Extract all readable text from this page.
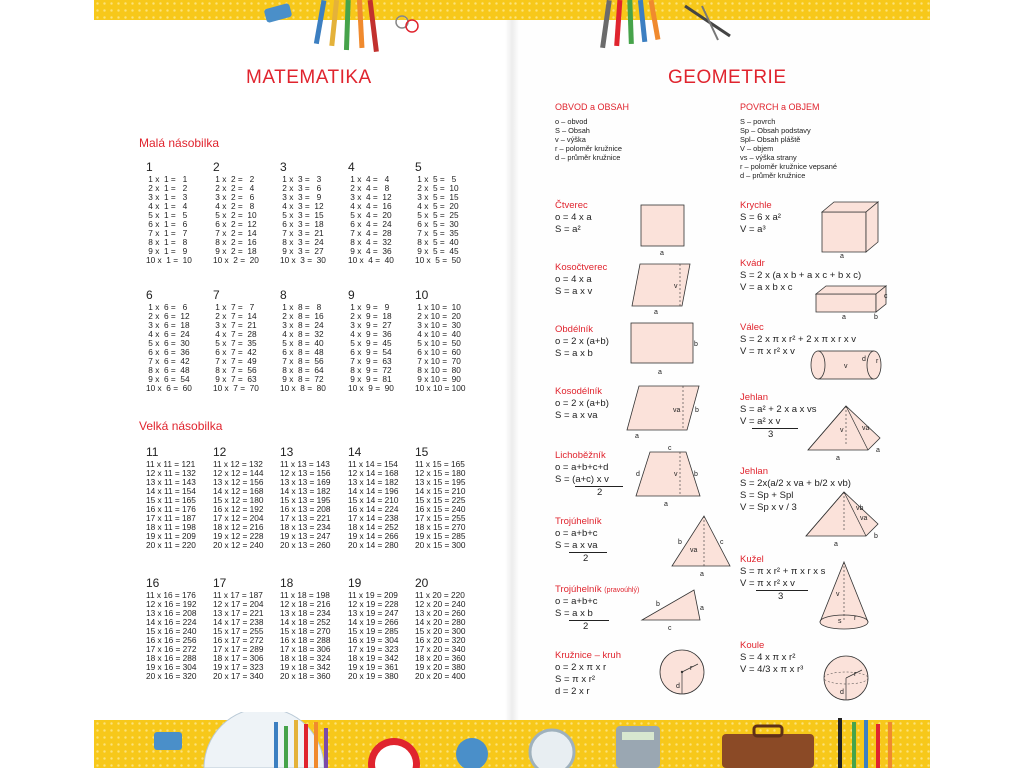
MATEMATIKA
Malá násobilka
Velká násobilka
1
1 x  1 =   1
2 x  1 =   2
3 x  1 =   3
4 x  1 =   4
5 x  1 =   5
6 x  1 =   6
7 x  1 =   7
8 x  1 =   8
9 x  1 =   9
10 x  1 =  10
2
1 x  2 =   2
2 x  2 =   4
3 x  2 =   6
4 x  2 =   8
5 x  2 =  10
6 x  2 =  12
7 x  2 =  14
8 x  2 =  16
9 x  2 =  18
10 x  2 =  20
3
1 x  3 =   3
2 x  3 =   6
3 x  3 =   9
4 x  3 =  12
5 x  3 =  15
6 x  3 =  18
7 x  3 =  21
8 x  3 =  24
9 x  3 =  27
10 x  3 =  30
4
1 x  4 =   4
2 x  4 =   8
3 x  4 =  12
4 x  4 =  16
5 x  4 =  20
6 x  4 =  24
7 x  4 =  28
8 x  4 =  32
9 x  4 =  36
10 x  4 =  40
5
1 x  5 =   5
2 x  5 =  10
3 x  5 =  15
4 x  5 =  20
5 x  5 =  25
6 x  5 =  30
7 x  5 =  35
8 x  5 =  40
9 x  5 =  45
10 x  5 =  50
6
1 x  6 =   6
2 x  6 =  12
3 x  6 =  18
4 x  6 =  24
5 x  6 =  30
6 x  6 =  36
7 x  6 =  42
8 x  6 =  48
9 x  6 =  54
10 x  6 =  60
7
1 x  7 =   7
2 x  7 =  14
3 x  7 =  21
4 x  7 =  28
5 x  7 =  35
6 x  7 =  42
7 x  7 =  49
8 x  7 =  56
9 x  7 =  63
10 x  7 =  70
8
1 x  8 =   8
2 x  8 =  16
3 x  8 =  24
4 x  8 =  32
5 x  8 =  40
6 x  8 =  48
7 x  8 =  56
8 x  8 =  64
9 x  8 =  72
10 x  8 =  80
9
1 x  9 =   9
2 x  9 =  18
3 x  9 =  27
4 x  9 =  36
5 x  9 =  45
6 x  9 =  54
7 x  9 =  63
8 x  9 =  72
9 x  9 =  81
10 x  9 =  90
10
1 x 10 =  10
2 x 10 =  20
3 x 10 =  30
4 x 10 =  40
5 x 10 =  50
6 x 10 =  60
7 x 10 =  70
8 x 10 =  80
9 x 10 =  90
10 x 10 = 100
11
11 x 11 = 121
12 x 11 = 132
13 x 11 = 143
14 x 11 = 154
15 x 11 = 165
16 x 11 = 176
17 x 11 = 187
18 x 11 = 198
19 x 11 = 209
20 x 11 = 220
12
11 x 12 = 132
12 x 12 = 144
13 x 12 = 156
14 x 12 = 168
15 x 12 = 180
16 x 12 = 192
17 x 12 = 204
18 x 12 = 216
19 x 12 = 228
20 x 12 = 240
13
11 x 13 = 143
12 x 13 = 156
13 x 13 = 169
14 x 13 = 182
15 x 13 = 195
16 x 13 = 208
17 x 13 = 221
18 x 13 = 234
19 x 13 = 247
20 x 13 = 260
14
11 x 14 = 154
12 x 14 = 168
13 x 14 = 182
14 x 14 = 196
15 x 14 = 210
16 x 14 = 224
17 x 14 = 238
18 x 14 = 252
19 x 14 = 266
20 x 14 = 280
15
11 x 15 = 165
12 x 15 = 180
13 x 15 = 195
14 x 15 = 210
15 x 15 = 225
16 x 15 = 240
17 x 15 = 255
18 x 15 = 270
19 x 15 = 285
20 x 15 = 300
16
11 x 16 = 176
12 x 16 = 192
13 x 16 = 208
14 x 16 = 224
15 x 16 = 240
16 x 16 = 256
17 x 16 = 272
18 x 16 = 288
19 x 16 = 304
20 x 16 = 320
17
11 x 17 = 187
12 x 17 = 204
13 x 17 = 221
14 x 17 = 238
15 x 17 = 255
16 x 17 = 272
17 x 17 = 289
18 x 17 = 306
19 x 17 = 323
20 x 17 = 340
18
11 x 18 = 198
12 x 18 = 216
13 x 18 = 234
14 x 18 = 252
15 x 18 = 270
16 x 18 = 288
17 x 18 = 306
18 x 18 = 324
19 x 18 = 342
20 x 18 = 360
19
11 x 19 = 209
12 x 19 = 228
13 x 19 = 247
14 x 19 = 266
15 x 19 = 285
16 x 19 = 304
17 x 19 = 323
18 x 19 = 342
19 x 19 = 361
20 x 19 = 380
20
11 x 20 = 220
12 x 20 = 240
13 x 20 = 260
14 x 20 = 280
15 x 20 = 300
16 x 20 = 320
17 x 20 = 340
18 x 20 = 360
19 x 20 = 380
20 x 20 = 400
GEOMETRIE
OBVOD a OBSAH	POVRCH a OBJEM
o – obvod
S – Obsah
v – výška
r – poloměr kružnice
d – průměr kružnice
S – povrch
Sp – Obsah podstavy
Spl– Obsah pláště
V – objem
vs – výška strany
r – poloměr kružnice vepsané
d – průměr kružnice
Čtverec
o = 4 x a
S = a²
Kosočtverec
o = 4 x a
S = a x v
Obdélník
o = 2 x (a+b)
S = a x b
Kosodélník
o = 2 x (a+b)
S = a x va
Lichoběžník
o = a+b+c+d
S = (a+c) x v
2
Trojúhelník
o = a+b+c
S = a x va
2
Trojúhelník (pravoúhlý)
o = a+b+c
S = a x b
2
Kružnice – kruh
o = 2 x π x r
S = π x r²
d = 2 x r
Krychle
S = 6 x a²
V = a³
Kvádr
S = 2 x (a x b + a x c + b x c)
V = a x b x c
Válec
S = 2 x π x r² + 2 x π x r x v
V = π x r² x v
Jehlan
S = a² + 2 x a x vs
V = a² x v
3
Jehlan
S = 2x(a/2 x va + b/2 x vb)
S = Sp + Spl
V = Sp x v / 3
Kužel
S = π x r² + π x r x s
V = π x r² x v
3
Koule
S = 4 x π x r²
V = 4/3 x π x r³
a
v
a
b
a
va b
a
c
d	v b
a
va
b	c
a
b
a
c
r
d
a
a	b
c
v
d r
v	va
a
a
vb
va
a
b
v
s r
r
d
